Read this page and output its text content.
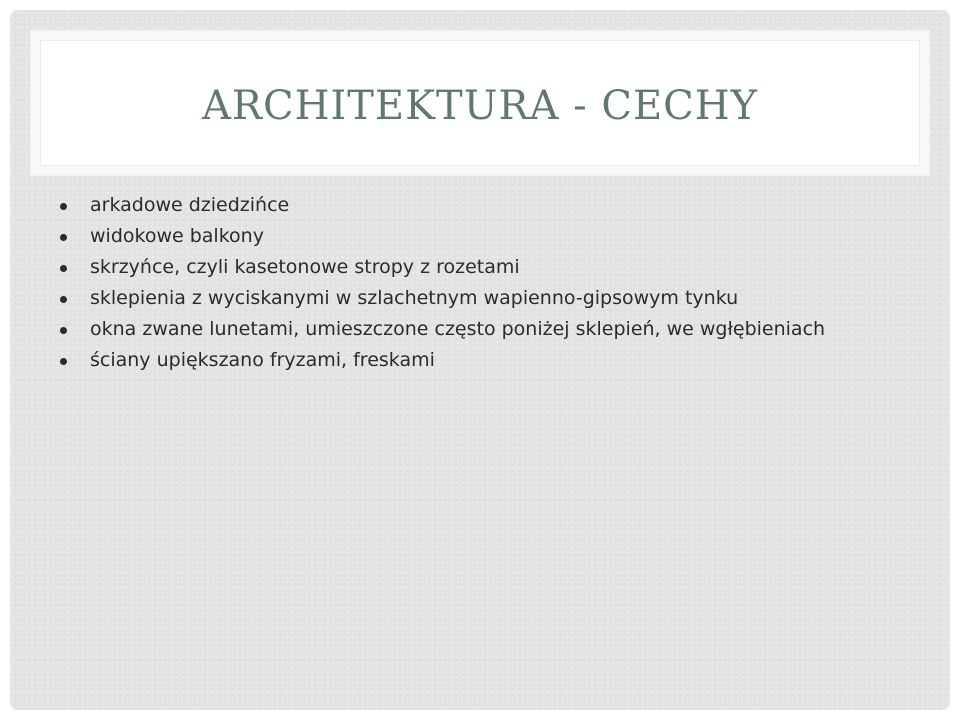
ARCHITEKTURA - CECHY
arkadowe dziedzińce
widokowe balkony
skrzyńce, czyli kasetonowe stropy z rozetami
sklepienia z wyciskanymi w szlachetnym wapienno-gipsowym tynku
okna zwane lunetami, umieszczone często poniżej sklepień, we wgłębieniach
ściany upiększano fryzami, freskami
